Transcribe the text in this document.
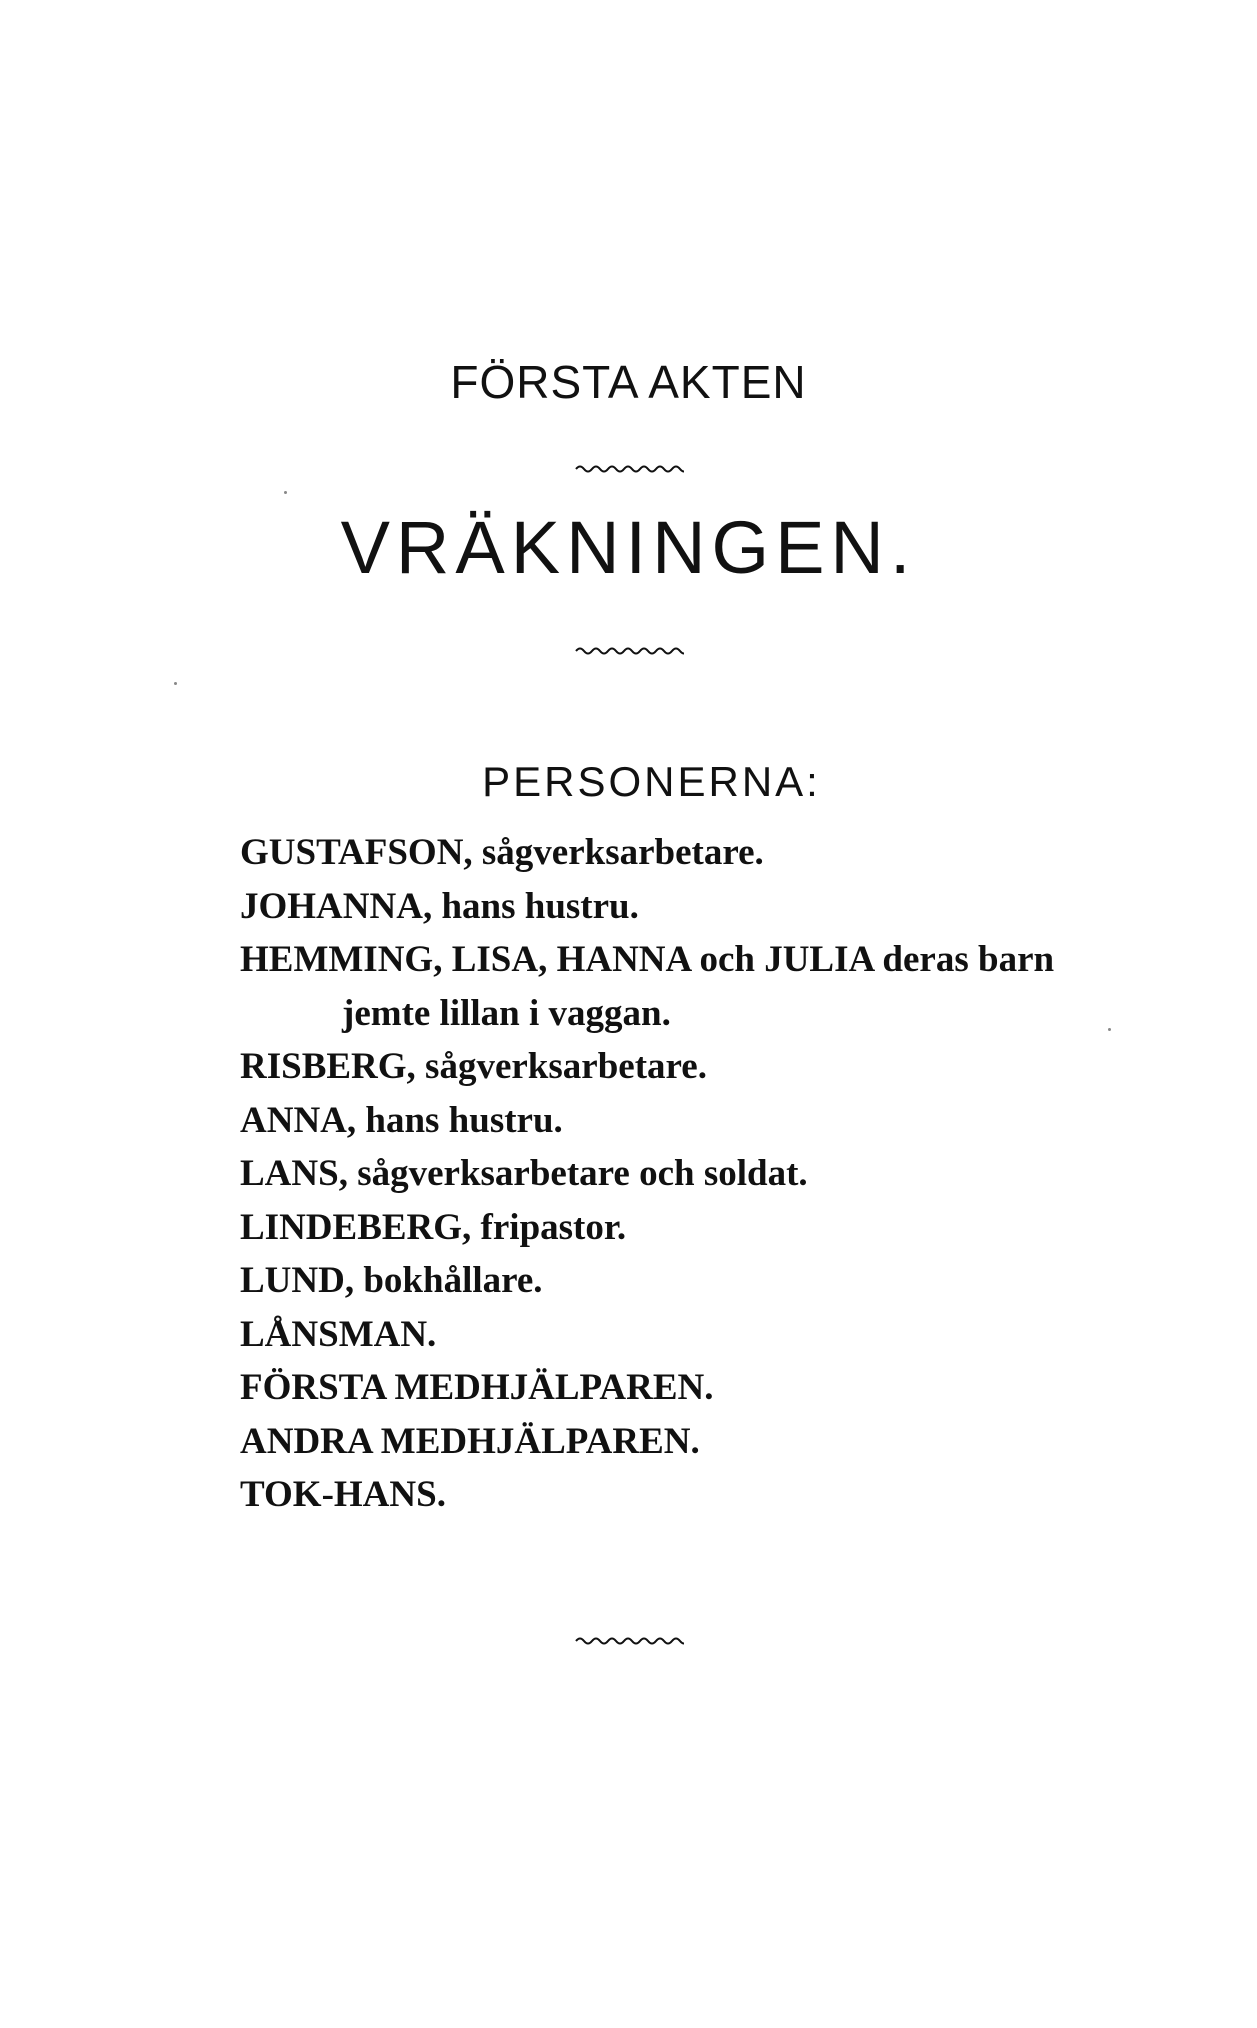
FÖRSTA AKTEN
VRÄKNINGEN.
PERSONERNA:
GUSTAFSON, sågverksarbetare.
JOHANNA, hans hustru.
HEMMING, LISA, HANNA och JULIA deras barn
jemte lillan i vaggan.
RISBERG, sågverksarbetare.
ANNA, hans hustru.
LANS, sågverksarbetare och soldat.
LINDEBERG, fripastor.
LUND, bokhållare.
LÅNSMAN.
FÖRSTA MEDHJÄLPAREN.
ANDRA MEDHJÄLPAREN.
TOK-HANS.
